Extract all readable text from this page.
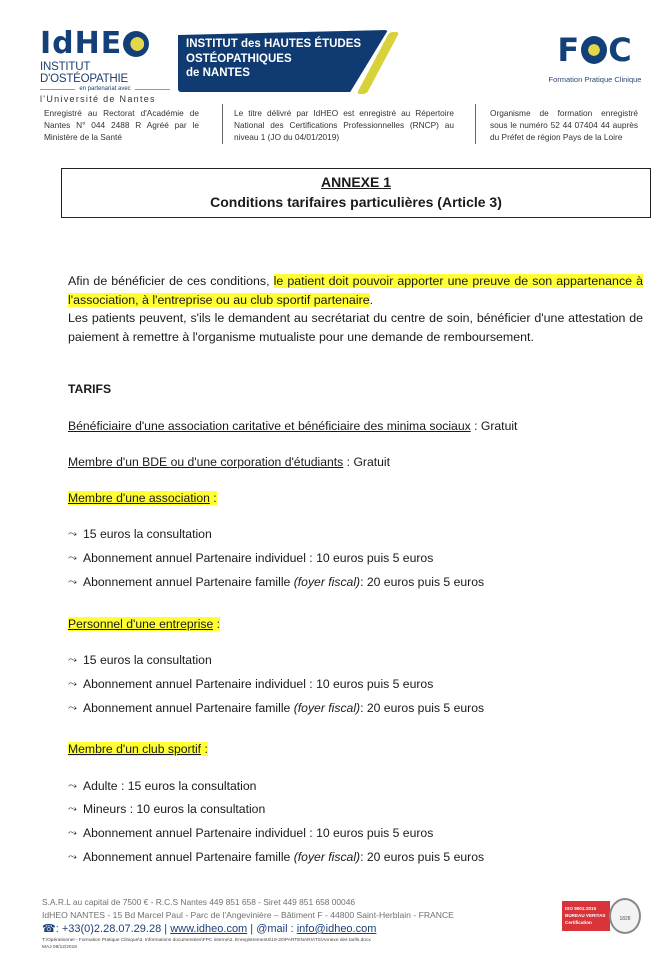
IdHE
INSTITUT D'OSTÉOPATHIE
en partenariat avec
l'Université de Nantes
INSTITUT des HAUTES ÉTUDES
OSTÉOPATHIQUES
de NANTES
F C
Formation Pratique Clinique
Enregistré au Rectorat d'Académie de Nantes N° 044 2488 R Agréé par le Ministère de la Santé
Le titre délivré par IdHEO est enregistré au Répertoire National des Certifications Professionnelles (RNCP) au niveau 1 (JO du 04/01/2019)
Organisme de formation enregistré sous le numéro 52 44 07404 44 auprès du Préfet de région Pays de la Loire
ANNEXE 1
Conditions tarifaires particulières (Article 3)
Afin de bénéficier de ces conditions, le patient doit pouvoir apporter une preuve de son appartenance à l'association, à l'entreprise ou au club sportif partenaire.
Les patients peuvent, s'ils le demandent au secrétariat du centre de soin, bénéficier d'une attestation de paiement à remettre à l'organisme mutualiste pour une demande de remboursement.
TARIFS
Bénéficiaire d'une association caritative et bénéficiaire des minima sociaux : Gratuit
Membre d'un BDE ou d'une corporation d'étudiants : Gratuit
Membre d'une association :
⤳ 15 euros la consultation
⤳ Abonnement annuel Partenaire individuel : 10 euros puis 5 euros
⤳ Abonnement annuel Partenaire famille
(foyer fiscal) : 20 euros puis 5 euros
Personnel d'une entreprise :
⤳ 15 euros la consultation
⤳ Abonnement annuel Partenaire individuel : 10 euros puis 5 euros
⤳ Abonnement annuel Partenaire famille
(foyer fiscal) : 20 euros puis 5 euros
Membre d'un club sportif :
⤳ Adulte : 15 euros la consultation
⤳ Mineurs : 10 euros la consultation
⤳ Abonnement annuel Partenaire individuel : 10 euros puis 5 euros
⤳ Abonnement annuel Partenaire famille
(foyer fiscal) : 20 euros puis 5 euros
S.A.R.L au capital de 7500 € - R.C.S Nantes 449 851 658 - Siret 449 851 658 00046
IdHEO NANTES - 15 Bd Marcel Paul - Parc de l'Angevinière – Bâtiment F - 44800 Saint-Herblain - FRANCE
☎: +33(0)2.28.07.29.28 | www.idheo.com | @mail : info@idheo.com
T:\Opérationnel - Formation Pratique Clinique\3. Informations documentées\FPC interne\2. Enregistrements\19-20\PARTENARIATS\Annexe des tarifs.docx
MAJ 08/12/2018
ISO 9001:2015
BUREAU VERITAS
Certification
1828
